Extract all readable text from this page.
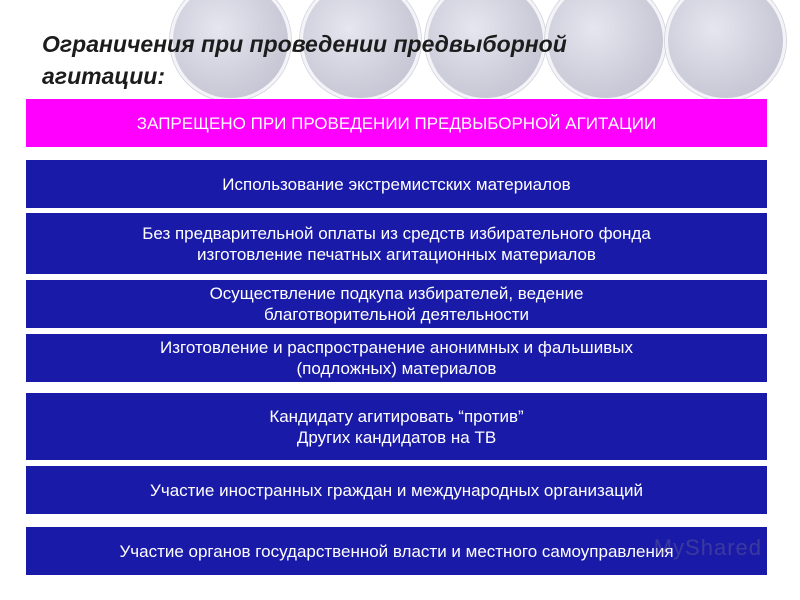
Ограничения при проведении предвыборной агитации:
ЗАПРЕЩЕНО ПРИ ПРОВЕДЕНИИ ПРЕДВЫБОРНОЙ АГИТАЦИИ
Использование экстремистских материалов
Без предварительной оплаты из средств избирательного фонда
изготовление печатных агитационных материалов
Осуществление подкупа избирателей, ведение
благотворительной деятельности
Изготовление и распространение анонимных и фальшивых
(подложных) материалов
Кандидату агитировать “против”
Других кандидатов на ТВ
Участие иностранных граждан и международных организаций
Участие органов государственной власти и местного самоуправления
MyShared
